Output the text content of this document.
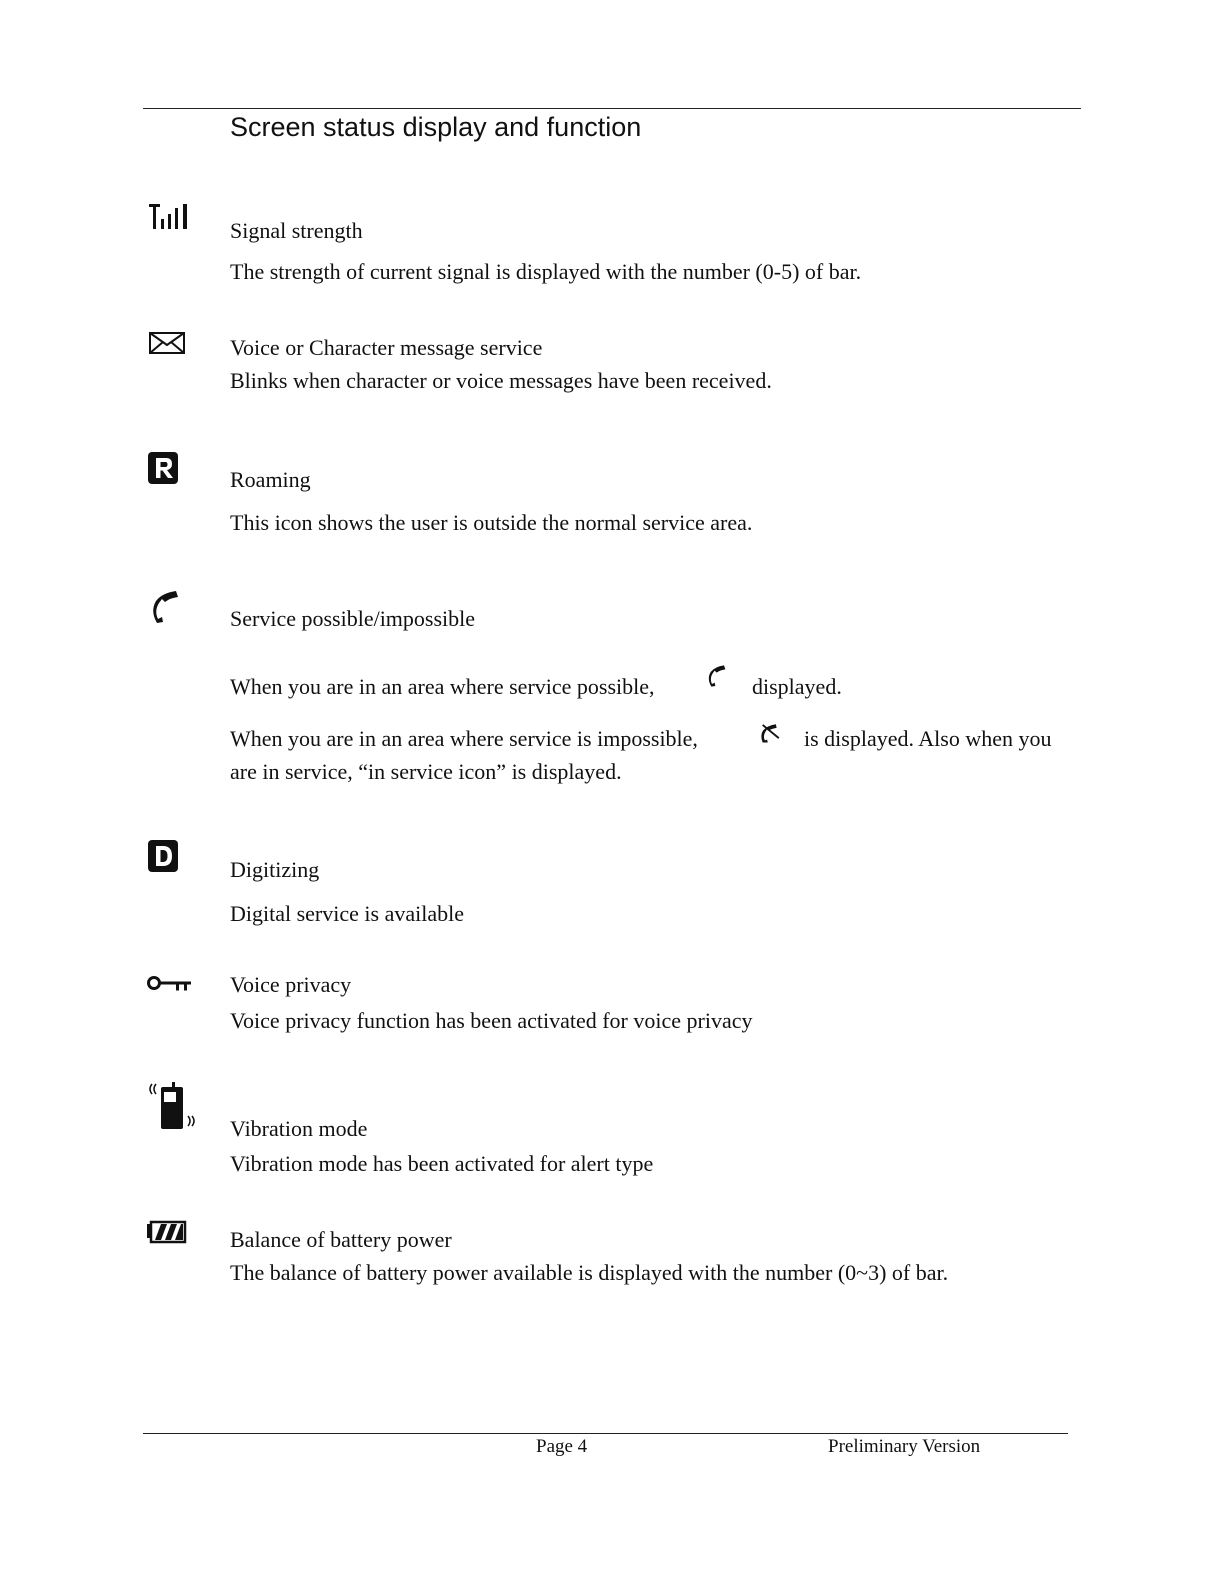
Screen status display and function
Signal strength
The strength of current signal is displayed with the number (0-5) of bar.
Voice or Character message service
Blinks when character or voice messages have been received.
Roaming
This icon shows the user is outside the normal service area.
Service possible/impossible
When you are in an area where service possible,	displayed.
When you are in an area where service is impossible,	is displayed. Also when you
are in service, “in service icon” is displayed.
Digitizing
Digital service is available
Voice privacy
Voice privacy function has been activated for voice privacy
Vibration mode
Vibration mode has been activated for alert type
Balance of battery power
The balance of battery power available is displayed with the number (0~3) of bar.
Page 4	Preliminary Version
